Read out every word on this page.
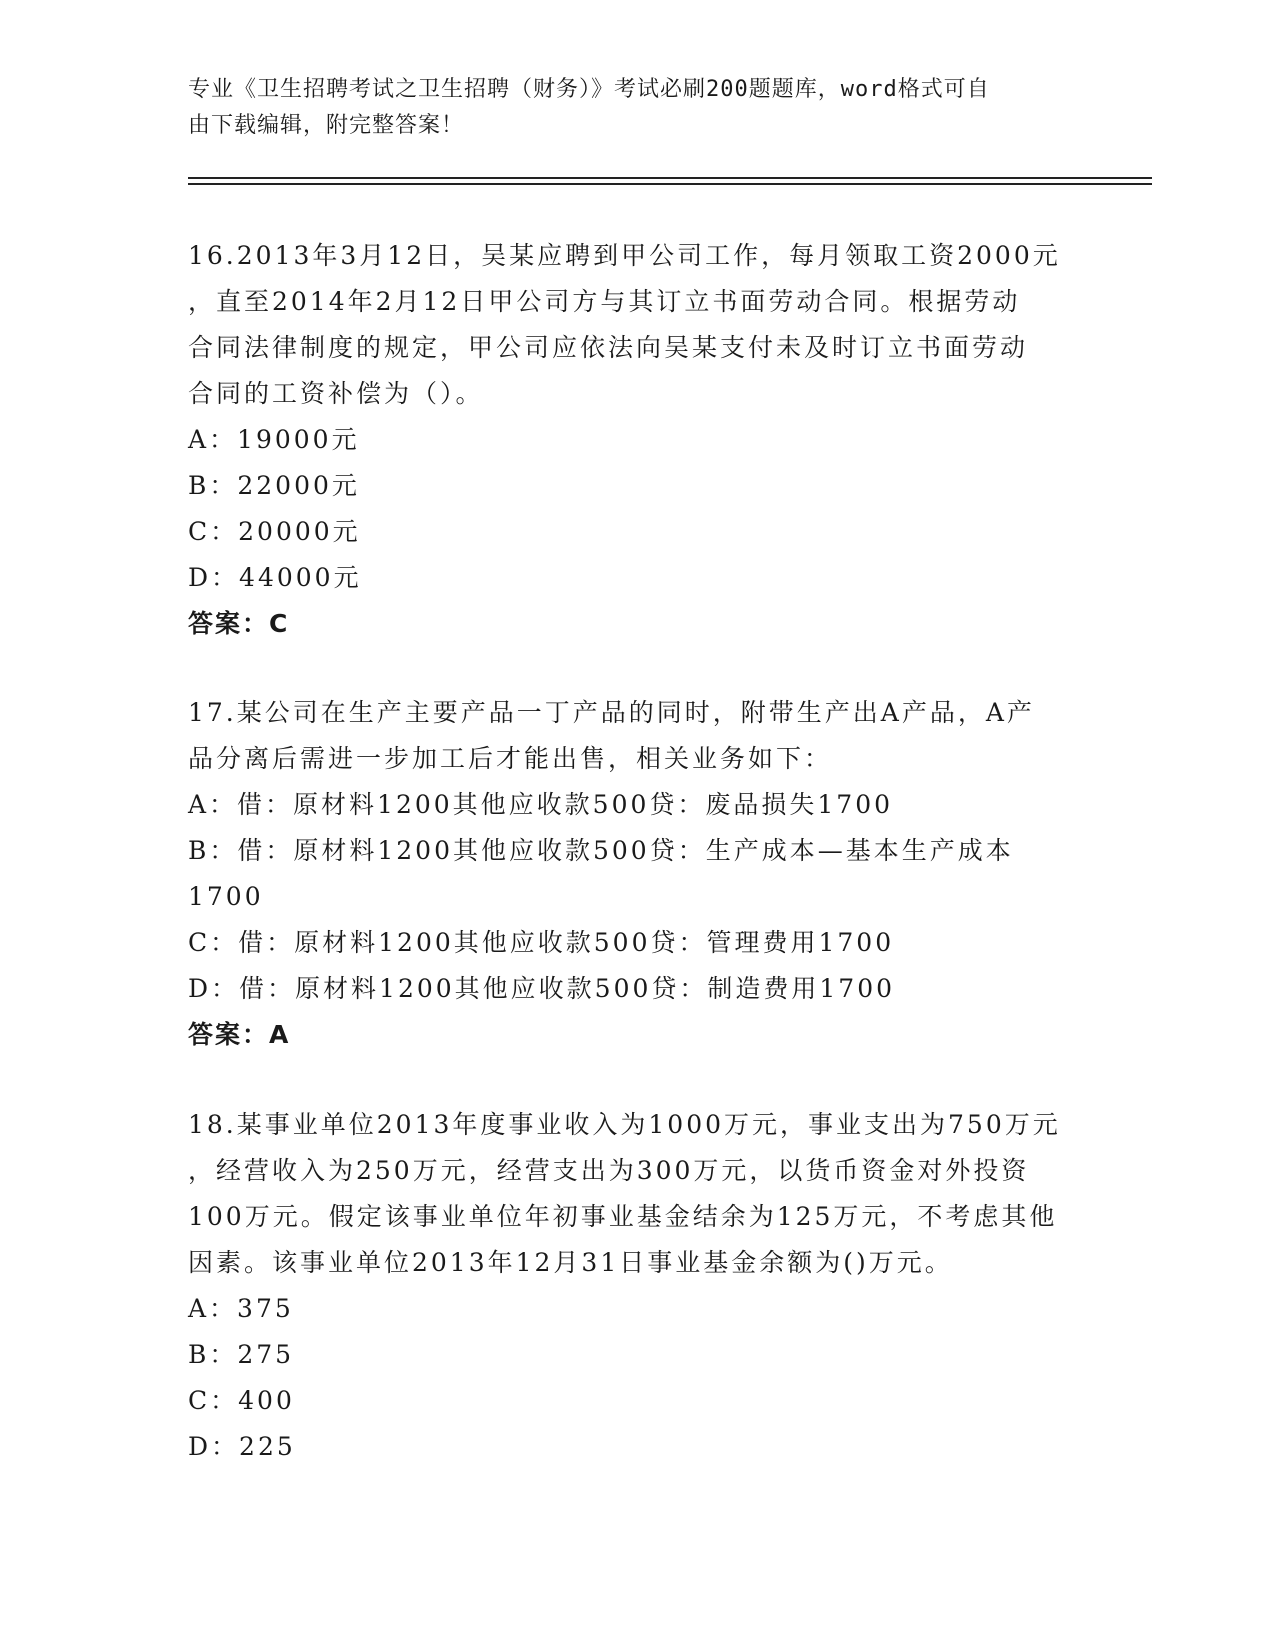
专业《卫生招聘考试之卫生招聘（财务）》考试必刷200题题库，word格式可自
由下载编辑，附完整答案！
16.2013年3月12日，吴某应聘到甲公司工作，每月领取工资2000元
，直至2014年2月12日甲公司方与其订立书面劳动合同。根据劳动
合同法律制度的规定，甲公司应依法向吴某支付未及时订立书面劳动
合同的工资补偿为（）。
A：19000元
B：22000元
C：20000元
D：44000元
答案：C
17.某公司在生产主要产品一丁产品的同时，附带生产出A产品，A产
品分离后需进一步加工后才能出售，相关业务如下：
A：借：原材料1200其他应收款500贷：废品损失1700
B：借：原材料1200其他应收款500贷：生产成本—基本生产成本
1700
C：借：原材料1200其他应收款500贷：管理费用1700
D：借：原材料1200其他应收款500贷：制造费用1700
答案：A
18.某事业单位2013年度事业收入为1000万元，事业支出为750万元
，经营收入为250万元，经营支出为300万元，以货币资金对外投资
100万元。假定该事业单位年初事业基金结余为125万元，不考虑其他
因素。该事业单位2013年12月31日事业基金余额为()万元。
A：375
B：275
C：400
D：225
